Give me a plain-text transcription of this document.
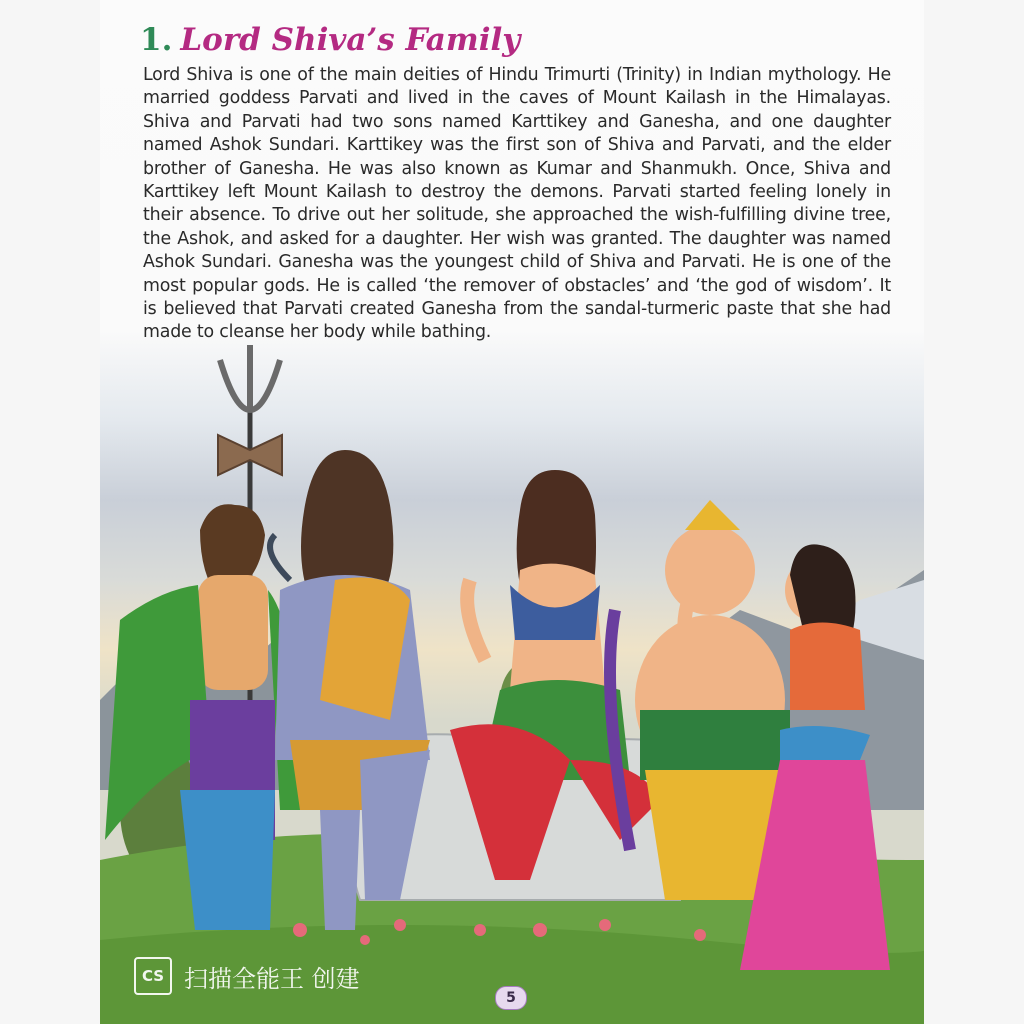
1. Lord Shiva’s Family

Lord Shiva is one of the main deities of Hindu Trimurti (Trinity) in Indian mythology. He married goddess Parvati and lived in the caves of Mount Kailash in the Himalayas. Shiva and Parvati had two sons named Karttikey and Ganesha, and one daughter named Ashok Sundari. Karttikey was the first son of Shiva and Parvati, and the elder brother of Ganesha. He was also known as Kumar and Shanmukh. Once, Shiva and Karttikey left Mount Kailash to destroy the demons. Parvati started feeling lonely in their absence. To drive out her solitude, she approached the wish-fulfilling divine tree, the Ashok, and asked for a daughter. Her wish was granted. The daughter was named Ashok Sundari. Ganesha was the youngest child of Shiva and Parvati. He is one of the most popular gods. He is called ‘the remover of obstacles’ and ‘the god of wisdom’. It is believed that Parvati created Ganesha from the sandal-turmeric paste that she had made to cleanse her body while bathing.

5
CS 扫描全能王 创建
